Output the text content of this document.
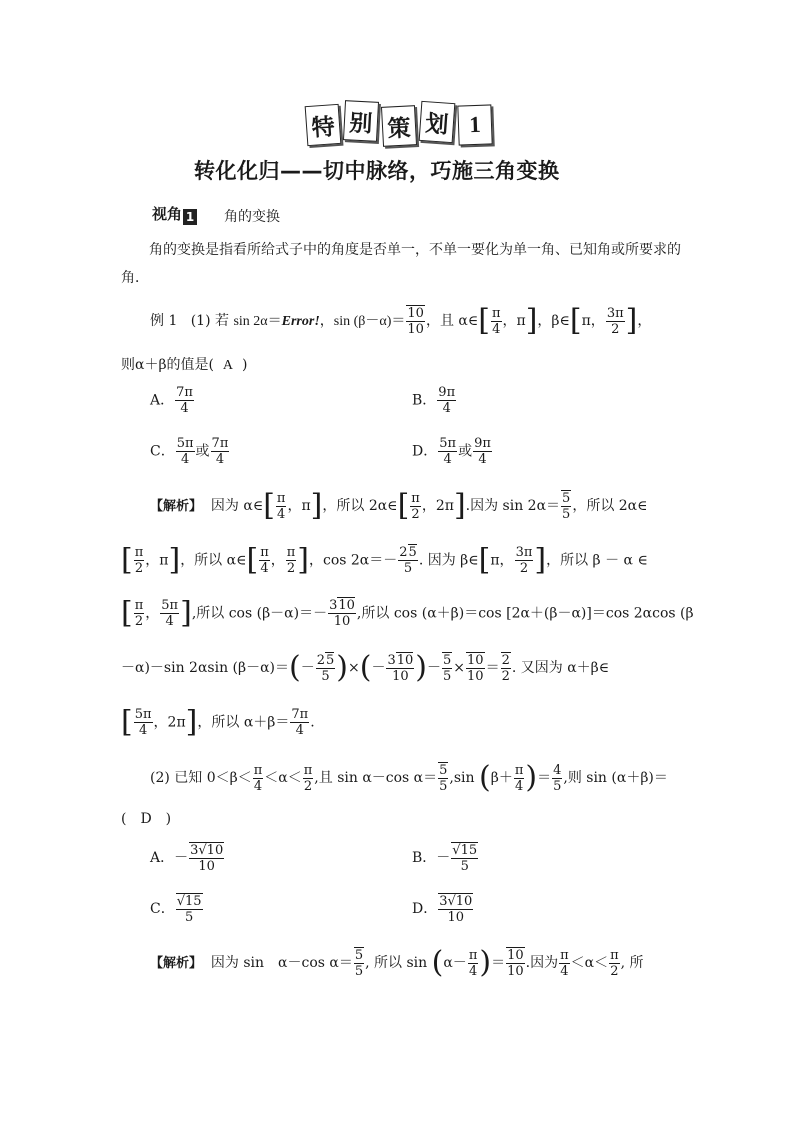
特 别 策 划 1
转化化归——切中脉络，巧施三角变换
视角 1 角的变换
角的变换是指看所给式子中的角度是否单一，不单一要化为单一角、已知角或所要求的角．
例 1 (1) 若 sin 2α＝Error!，$\sin (\beta-\alpha)= \frac{10}{10}$ ，且 α∈[ $\frac{\pi}{4}$ ，π]，β∈[π， $\frac{3\pi}{2}$ ]，
则α＋β的值是( A )
A． $\frac{7\pi}{4}$	B． $\frac{9\pi}{4}$
C． $\frac{5\pi}{4}$ 或 $\frac{7\pi}{4}$	D． $\frac{5\pi}{4}$ 或 $\frac{9\pi}{4}$
【解析】  因为 α∈[ $\frac{\pi}{4}$ ，π]，所以 2α∈[ $\frac{\pi}{2}$ ，2π].因为 $\sin 2\alpha= \frac{5}{5}$ ，所以 2α∈
[ $\frac{\pi}{2}$ ，π]，所以 α∈[ $\frac{\pi}{4}$ ， $\frac{\pi}{2}$ ]，$\cos 2\alpha=- \frac{25}{5}$ . 因为 β∈[π， $\frac{3\pi}{2}$ ]，所以 β － α ∈
[ $\frac{\pi}{2}$ ， $\frac{5\pi}{4}$ ],所以 $\cos (\beta-\alpha)=- \frac{310}{10}$ ,所以 cos (α＋β)＝cos [2α＋(β－α)]＝cos 2αcos (β
－α)－sin 2αsin $(\beta-\alpha)=(- \frac{25}{5}$ )×(－ $\frac{310}{10}$ )－ $\frac{5}{5} \times \frac{10}{10} = \frac{2}{2}$ . 又因为 α＋β∈
[ $\frac{5\pi}{4}$ ，2π]，所以 $\alpha+\beta= \frac{7\pi}{4}$ .
(2) 已知 $0<\beta< \frac{\pi}{4} <\alpha< \frac{\pi}{2}$ ,且 sin α－cos $\alpha= \frac{5}{5} ,\sin$ ($\beta+ \frac{\pi}{4}$ )＝ $\frac{4}{5}$ ,则 sin (α＋β)＝
(　D　)
A．－ $\frac{3√10}{10}$	B．－ $\frac{√15}{5}$
C． $\frac{√15}{5}$	D． $\frac{3√10}{10}$
【解析】  因为 sin　α－cos $\alpha= \frac{5}{5}$ , 所以 $\sin (\alpha- \frac{\pi}{4}$ )＝ $\frac{10}{10}$ .因为 $\frac{\pi}{4} <\alpha< \frac{\pi}{2}$ , 所
